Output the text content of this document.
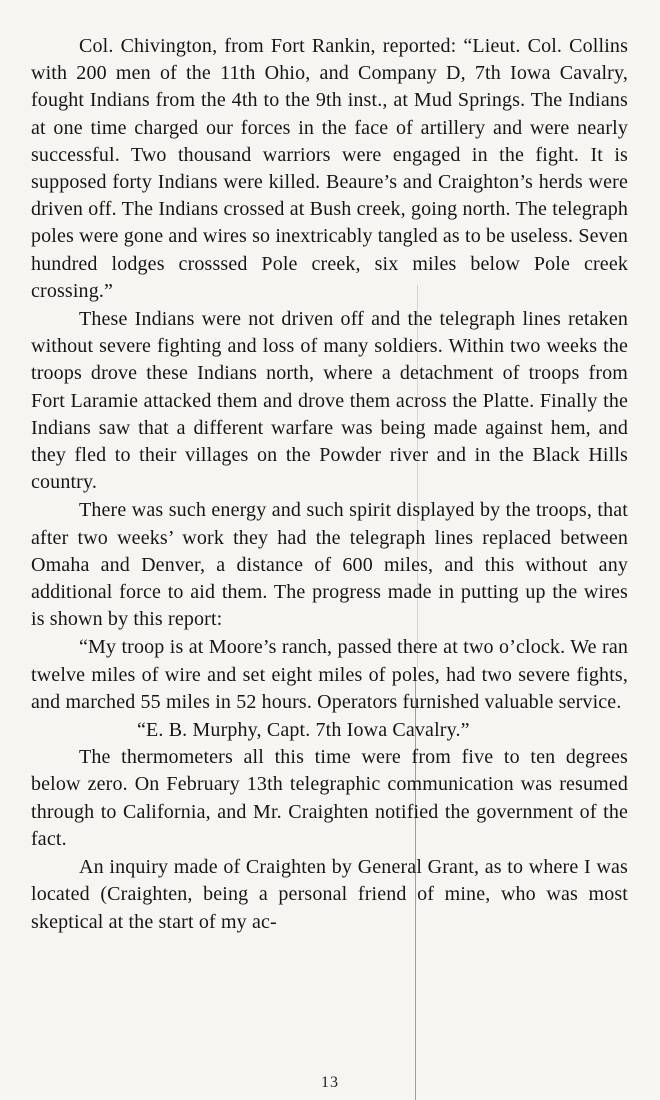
Col. Chivington, from Fort Rankin, reported: “Lieut. Col. Collins with 200 men of the 11th Ohio, and Company D, 7th Iowa Cavalry, fought Indians from the 4th to the 9th inst., at Mud Springs. The Indians at one time charged our forces in the face of artillery and were nearly successful. Two thousand warriors were engaged in the fight. It is supposed forty Indians were killed. Beaure’s and Craighton’s herds were driven off. The Indians crossed at Bush creek, going north. The telegraph poles were gone and wires so inextricably tangled as to be useless. Seven hundred lodges crosssed Pole creek, six miles below Pole creek crossing.”

These Indians were not driven off and the telegraph lines retaken without severe fighting and loss of many soldiers. Within two weeks the troops drove these Indians north, where a detachment of troops from Fort Laramie attacked them and drove them across the Platte. Finally the Indians saw that a different warfare was being made against hem, and they fled to their villages on the Powder river and in the Black Hills country.

There was such energy and such spirit displayed by the troops, that after two weeks’ work they had the telegraph lines replaced between Omaha and Denver, a distance of 600 miles, and this without any additional force to aid them. The progress made in putting up the wires is shown by this report:

“My troop is at Moore’s ranch, passed there at two o’clock. We ran twelve miles of wire and set eight miles of poles, had two severe fights, and marched 55 miles in 52 hours. Operators furnished valuable service.

“E. B. Murphy, Capt. 7th Iowa Cavalry.”

The thermometers all this time were from five to ten degrees below zero. On February 13th telegraphic communication was resumed through to California, and Mr. Craighten notified the government of the fact.

An inquiry made of Craighten by General Grant, as to where I was located (Craighten, being a personal friend of mine, who was most skeptical at the start of my ac-

13
